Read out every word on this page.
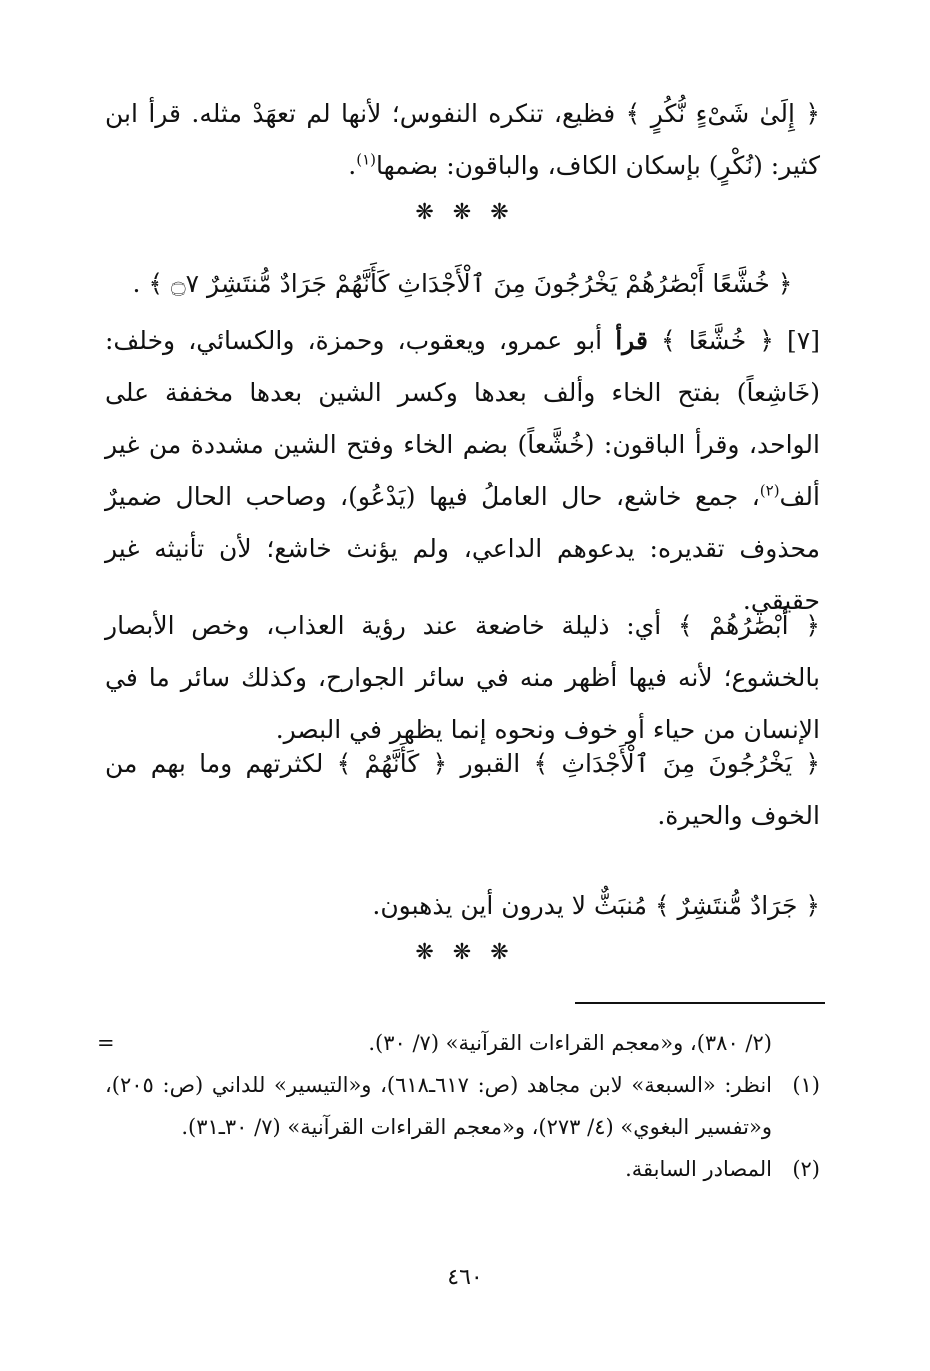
﴿ إِلَىٰ شَىْءٍ نُّكُرٍ ﴾ فظيع، تنكره النفوس؛ لأنها لم تعهَدْ مثله. قرأ ابن كثير: (نُكْرٍ) بإسكان الكاف، والباقون: بضمها$^{(١)}$.
❋ ❋ ❋
﴿ خُشَّعًا أَبْصَٰرُهُمْ يَخْرُجُونَ مِنَ ٱلْأَجْدَاثِ كَأَنَّهُمْ جَرَادٌ مُّنتَشِرٌ ۝٧ ﴾ .
[٧] ﴿ خُشَّعًا ﴾ قرأ أبو عمرو، ويعقوب، وحمزة، والكسائي، وخلف: (خَاشِعاً) بفتح الخاء وألف بعدها وكسر الشين بعدها مخففة على الواحد، وقرأ الباقون: (خُشَّعاً) بضم الخاء وفتح الشين مشددة من غير ألف$^{(٢)}$، جمع خاشع، حال العاملُ فيها (يَدْعُو)، وصاحب الحال ضميرٌ محذوف تقديره: يدعوهم الداعي، ولم يؤنث خاشع؛ لأن تأنيثه غير حقيقي.
﴿ أَبْصَٰرُهُمْ ﴾ أي: ذليلة خاضعة عند رؤية العذاب، وخص الأبصار بالخشوع؛ لأنه فيها أظهر منه في سائر الجوارح، وكذلك سائر ما في الإنسان من حياء أو خوف ونحوه إنما يظهر في البصر.
﴿ يَخْرُجُونَ مِنَ ٱلْأَجْدَاثِ ﴾ القبور ﴿ كَأَنَّهُمْ ﴾ لكثرتهم وما بهم من الخوف والحيرة.
﴿ جَرَادٌ مُّنتَشِرٌ ﴾ مُنبَثٌّ لا يدرون أين يذهبون.
❋ ❋ ❋
(٢/ ٣٨٠)، و«معجم القراءات القرآنية» (٧/ ٣٠).
=
(١)
انظر: «السبعة» لابن مجاهد (ص: ٦١٧ـ٦١٨)، و«التيسير» للداني (ص: ٢٠٥)، و«تفسير البغوي» (٤/ ٢٧٣)، و«معجم القراءات القرآنية» (٧/ ٣٠ـ٣١).
(٢)
المصادر السابقة.
٤٦٠
